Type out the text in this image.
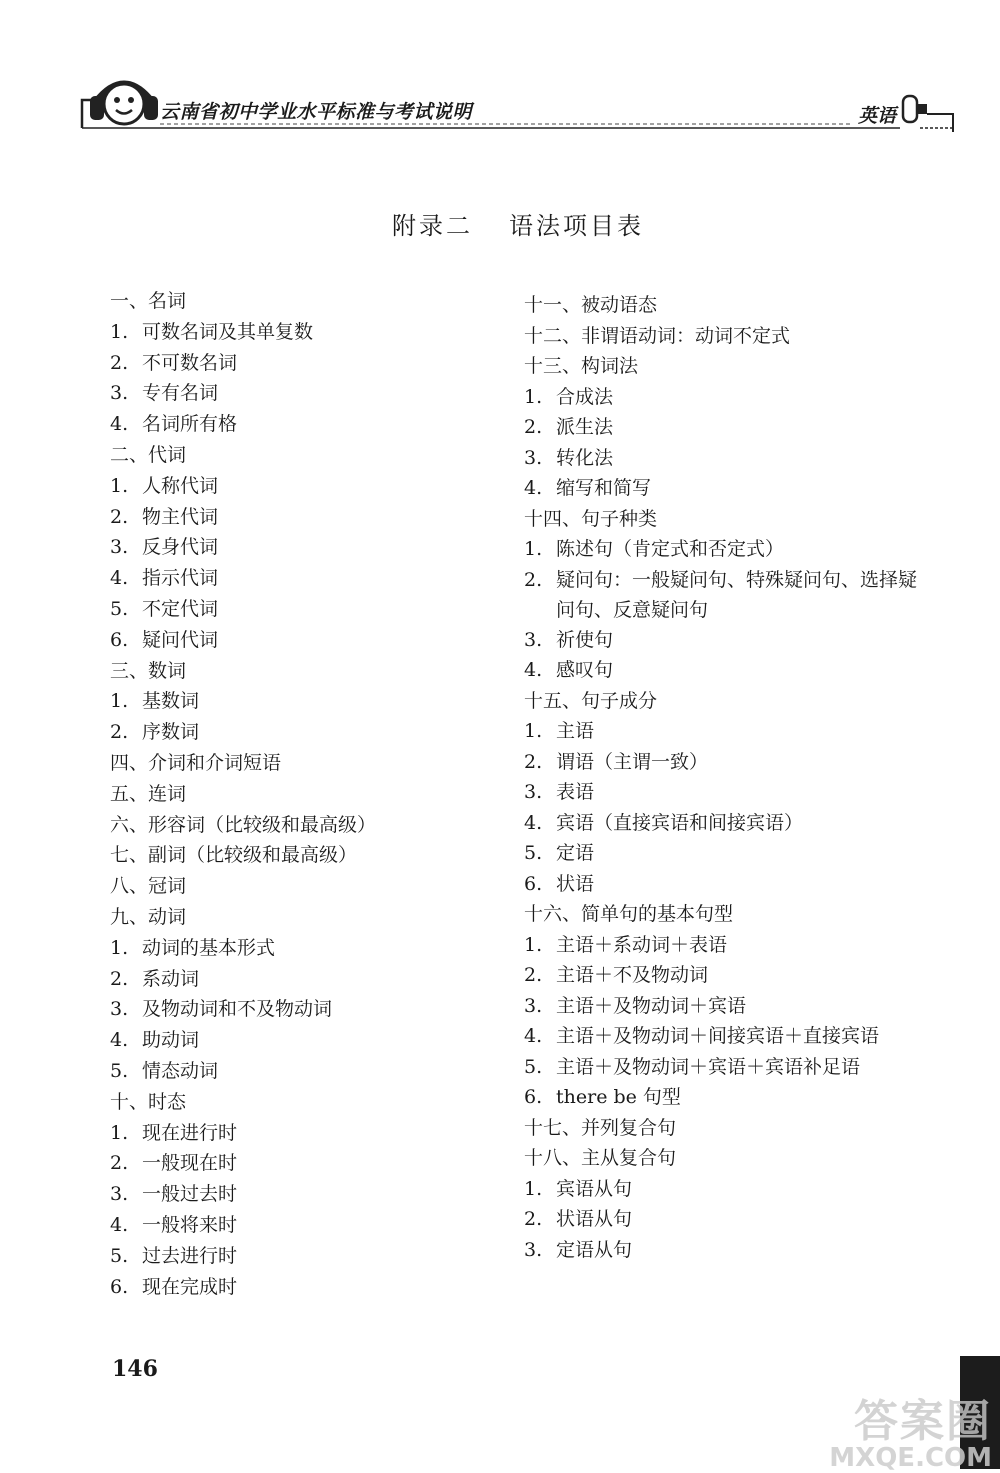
云南省初中学业水平标准与考试说明	英语
附录二 语法项目表
一、名词
1. 可数名词及其单复数
2. 不可数名词
3. 专有名词
4. 名词所有格
二、代词
1. 人称代词
2. 物主代词
3. 反身代词
4. 指示代词
5. 不定代词
6. 疑问代词
三、数词
1. 基数词
2. 序数词
四、介词和介词短语
五、连词
六、形容词（比较级和最高级）
七、副词（比较级和最高级）
八、冠词
九、动词
1. 动词的基本形式
2. 系动词
3. 及物动词和不及物动词
4. 助动词
5. 情态动词
十、时态
1. 现在进行时
2. 一般现在时
3. 一般过去时
4. 一般将来时
5. 过去进行时
6. 现在完成时
十一、被动语态
十二、非谓语动词：动词不定式
十三、构词法
1. 合成法
2. 派生法
3. 转化法
4. 缩写和简写
十四、句子种类
1. 陈述句（肯定式和否定式）
2. 疑问句：一般疑问句、特殊疑问句、选择疑问句、反意疑问句
3. 祈使句
4. 感叹句
十五、句子成分
1. 主语
2. 谓语（主谓一致）
3. 表语
4. 宾语（直接宾语和间接宾语）
5. 定语
6. 状语
十六、简单句的基本句型
1. 主语＋系动词＋表语
2. 主语＋不及物动词
3. 主语＋及物动词＋宾语
4. 主语＋及物动词＋间接宾语＋直接宾语
5. 主语＋及物动词＋宾语＋宾语补足语
6. there be 句型
十七、并列复合句
十八、主从复合句
1. 宾语从句
2. 状语从句
3. 定语从句
146
答案圈
MXQE.COM
